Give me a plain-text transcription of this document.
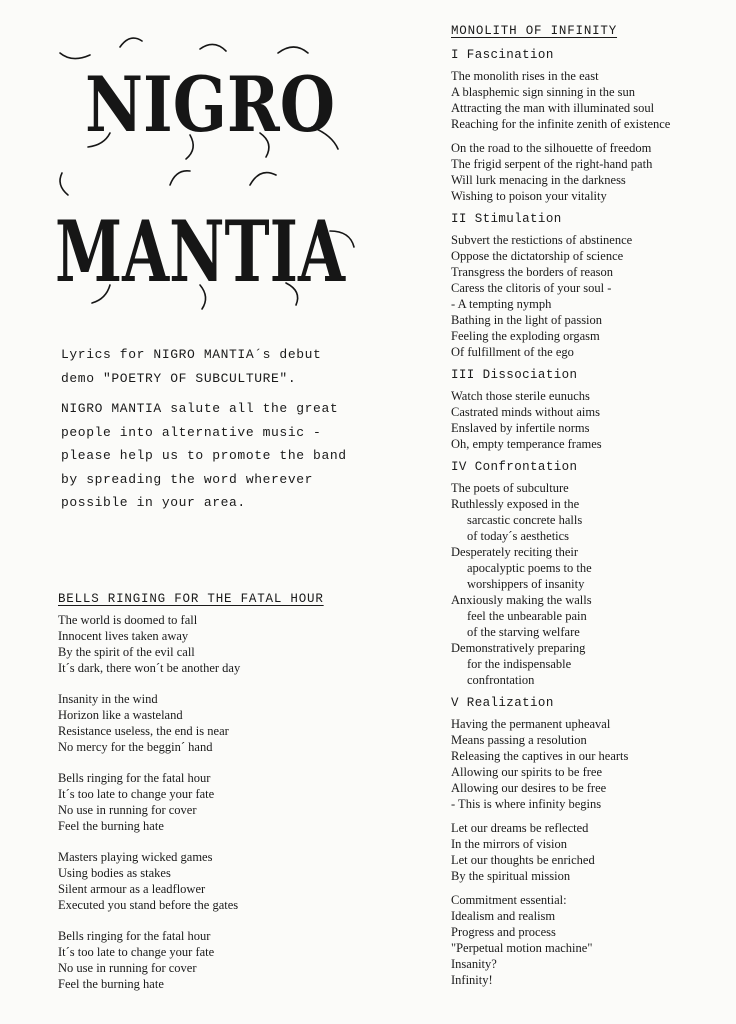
NIGRO
MANTIA

Lyrics for NIGRO MANTIA´s debut demo "POETRY OF SUBCULTURE".

NIGRO MANTIA salute all the great people into alternative music - please help us to promote the band by spreading the word wherever possible in your area.

BELLS RINGING FOR THE FATAL HOUR

The world is doomed to fall
Innocent lives taken away
By the spirit of the evil call
It´s dark, there won´t be another day
Insanity in the wind
Horizon like a wasteland
Resistance useless, the end is near
No mercy for the beggin´ hand
Bells ringing for the fatal hour
It´s too late to change your fate
No use in running for cover
Feel the burning hate
Masters playing wicked games
Using bodies as stakes
Silent armour as a leadflower
Executed you stand before the gates
Bells ringing for the fatal hour
It´s too late to change your fate
No use in running for cover
Feel the burning hate

MONOLITH OF INFINITY

I Fascination
The monolith rises in the east
A blasphemic sign sinning in the sun
Attracting the man with illuminated soul
Reaching for the infinite zenith of existence
On the road to the silhouette of freedom
The frigid serpent of the right-hand path
Will lurk menacing in the darkness
Wishing to poison your vitality
II Stimulation
Subvert the restictions of abstinence
Oppose the dictatorship of science
Transgress the borders of reason
Caress the clitoris of your soul -
- A tempting nymph
Bathing in the light of passion
Feeling the exploding orgasm
Of fulfillment of the ego
III Dissociation
Watch those sterile eunuchs
Castrated minds without aims
Enslaved by infertile norms
Oh, empty temperance frames
IV Confrontation
The poets of subculture
Ruthlessly exposed in the
sarcastic concrete halls
of today´s aesthetics
Desperately reciting their
apocalyptic poems to the
worshippers of insanity
Anxiously making the walls
feel the unbearable pain
of the starving welfare
Demonstratively preparing
for the indispensable
confrontation
V Realization
Having the permanent upheaval
Means passing a resolution
Releasing the captives in our hearts
Allowing our spirits to be free
Allowing our desires to be free
- This is where infinity begins
Let our dreams be reflected
In the mirrors of vision
Let our thoughts be enriched
By the spiritual mission
Commitment essential:
Idealism and realism
Progress and process
"Perpetual motion machine"
Insanity?
Infinity!
